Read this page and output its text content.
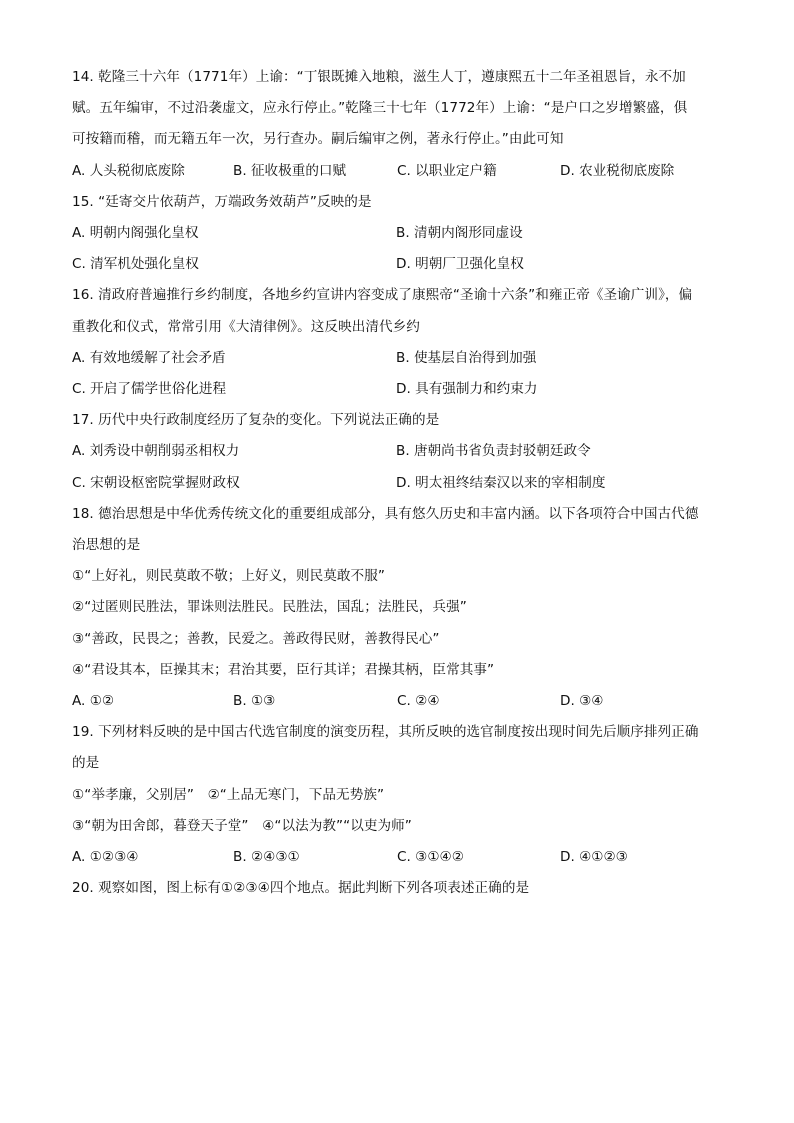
14. 乾隆三十六年（1771年）上谕：“丁银既摊入地粮，滋生人丁，遵康熙五十二年圣祖恩旨，永不加
赋。五年编审，不过沿袭虚文，应永行停止。”乾隆三十七年（1772年）上谕：“是户口之岁增繁盛，俱
可按籍而稽，而无籍五年一次，另行查办。嗣后编审之例，著永行停止。”由此可知
A. 人头税彻底废除	B. 征收极重的口赋	C. 以职业定户籍	D. 农业税彻底废除
15. “廷寄交片依葫芦，万端政务效葫芦”反映的是
A. 明朝内阁强化皇权	B. 清朝内阁形同虚设
C. 清军机处强化皇权	D. 明朝厂卫强化皇权
16. 清政府普遍推行乡约制度，各地乡约宣讲内容变成了康熙帝“圣谕十六条”和雍正帝《圣谕广训》，偏
重教化和仪式，常常引用《大清律例》。这反映出清代乡约
A. 有效地缓解了社会矛盾	B. 使基层自治得到加强
C. 开启了儒学世俗化进程	D. 具有强制力和约束力
17. 历代中央行政制度经历了复杂的变化。下列说法正确的是
A. 刘秀设中朝削弱丞相权力	B. 唐朝尚书省负责封驳朝廷政令
C. 宋朝设枢密院掌握财政权	D. 明太祖终结秦汉以来的宰相制度
18. 德治思想是中华优秀传统文化的重要组成部分，具有悠久历史和丰富内涵。以下各项符合中国古代德
治思想的是
①“上好礼，则民莫敢不敬；上好义，则民莫敢不服”
②“过匿则民胜法，罪诛则法胜民。民胜法，国乱；法胜民，兵强”
③“善政，民畏之；善教，民爱之。善政得民财，善教得民心”
④“君设其本，臣操其末；君治其要，臣行其详；君操其柄，臣常其事”
A. ①②	B. ①③	C. ②④	D. ③④
19. 下列材料反映的是中国古代选官制度的演变历程，其所反映的选官制度按出现时间先后顺序排列正确
的是
①“举孝廉，父别居”　②“上品无寒门，下品无势族”
③“朝为田舍郎，暮登天子堂”　④“以法为教”“以吏为师”
A. ①②③④	B. ②④③①	C. ③①④②	D. ④①②③
20. 观察如图，图上标有①②③④四个地点。据此判断下列各项表述正确的是
